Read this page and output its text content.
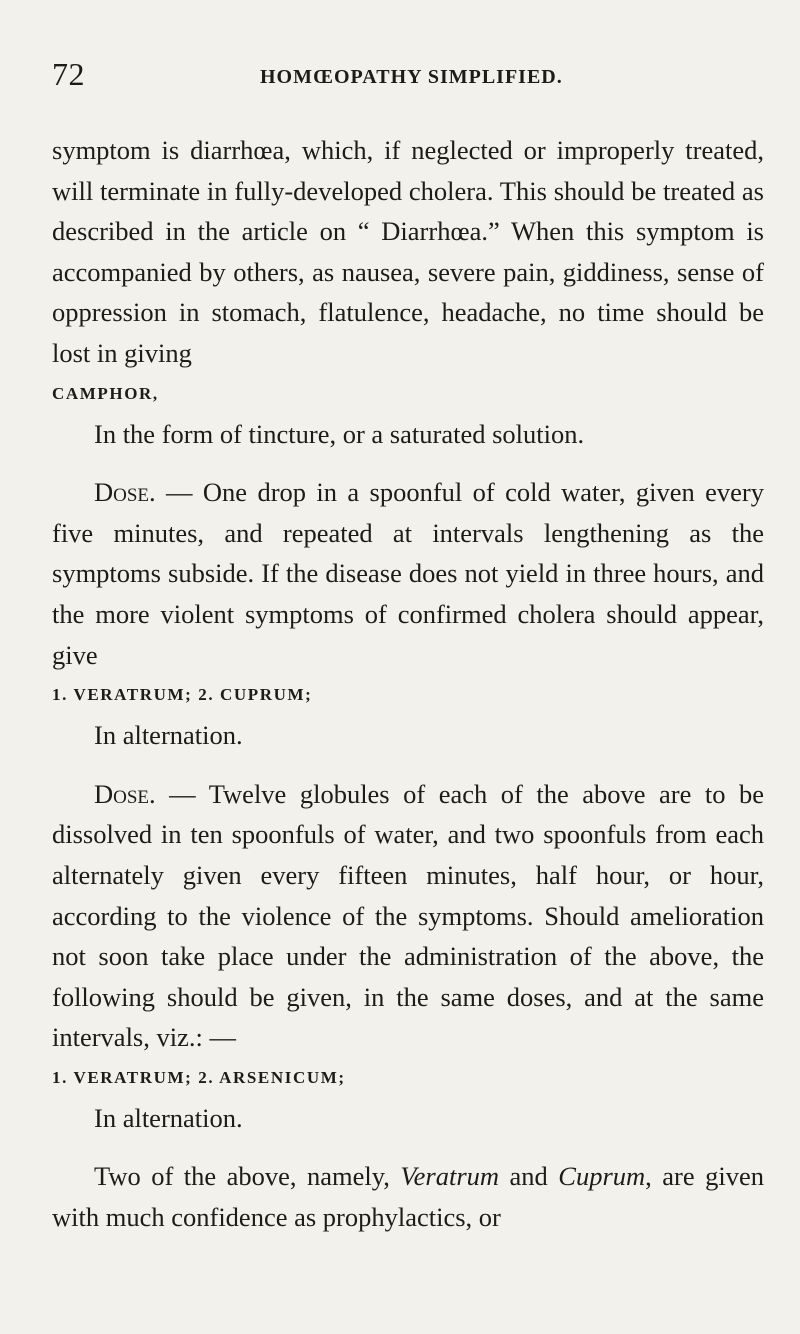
72	HOMŒOPATHY SIMPLIFIED.

symptom is diarrhœa, which, if neglected or improperly treated, will terminate in fully-developed cholera. This should be treated as described in the article on “ Diarrhœa.” When this symptom is accompanied by others, as nausea, severe pain, giddiness, sense of oppression in stomach, flatulence, headache, no time should be lost in giving

CAMPHOR,

In the form of tincture, or a saturated solution.

Dose. — One drop in a spoonful of cold water, given every five minutes, and repeated at intervals lengthening as the symptoms subside. If the disease does not yield in three hours, and the more violent symptoms of confirmed cholera should appear, give

1. VERATRUM; 2. CUPRUM;

In alternation.

Dose. — Twelve globules of each of the above are to be dissolved in ten spoonfuls of water, and two spoonfuls from each alternately given every fifteen minutes, half hour, or hour, according to the violence of the symptoms. Should amelioration not soon take place under the administration of the above, the following should be given, in the same doses, and at the same intervals, viz.: —

1. VERATRUM; 2. ARSENICUM;

In alternation.

Two of the above, namely, Veratrum and Cuprum, are given with much confidence as prophylactics, or
